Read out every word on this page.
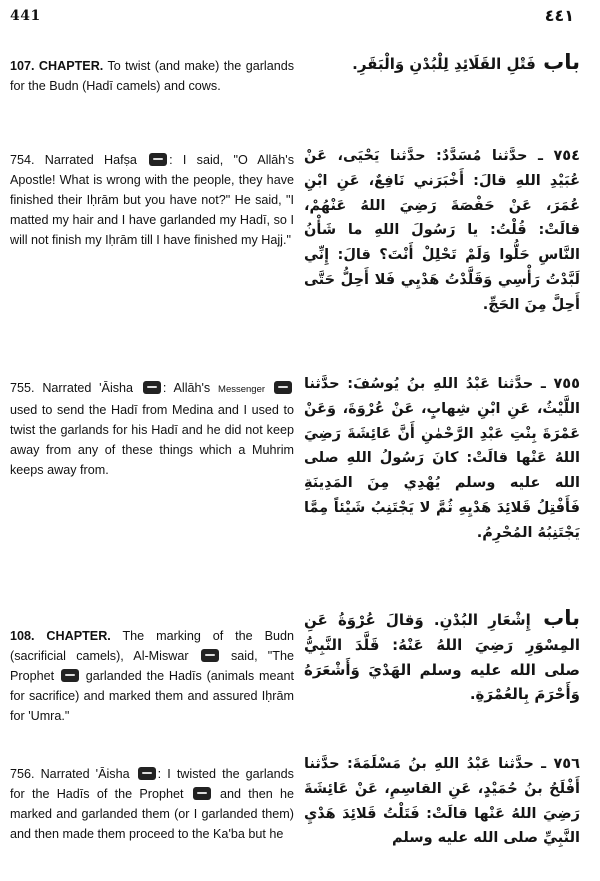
441	٤٤١
107. CHAPTER. To twist (and make) the garlands for the Budn (Hadī camels) and cows.
باب فَتْلِ القَلَائِدِ لِلْبُدْنِ وَالْبَقَرِ.
754. Narrated Hafṣa : I said, "O Allāh's Apostle! What is wrong with the people, they have finished their Iḥrām but you have not?" He said, "I matted my hair and I have garlanded my Hadī, so I will not finish my Iḥrām till I have finished my Hajj."
٧٥٤ ـ حدَّثنا مُسَدَّدٌ: حدَّثنا يَحْيَى، عَنْ عُبَيْدِ اللهِ قالَ: أَخْبَرَني نَافِعٌ، عَنِ ابْنِ عُمَرَ، عَنْ حَفْصَةَ رَضِيَ اللهُ عَنْهُمْ، قالَتْ: قُلْتُ: يا رَسُولَ اللهِ ما شَأْنُ النَّاسِ حَلُّوا وَلَمْ تَحْلِلْ أَنْتَ؟ قالَ: إِنِّي لَبَّدْتُ رَأْسِي وَقَلَّدْتُ هَدْيِي فَلا أَحِلُّ حَتَّى أَحِلَّ مِنَ الحَجِّ.
755. Narrated 'Āisha : Allāh's Messenger  used to send the Hadī from Medina and I used to twist the garlands for his Hadī and he did not keep away from any of these things which a Muhrim keeps away from.
٧٥٥ ـ حدَّثنا عَبْدُ اللهِ بنُ يُوسُفَ: حدَّثنا اللَّيْثُ، عَنِ ابْنِ شِهابٍ، عَنْ عُرْوَةَ، وَعَنْ عَمْرَةَ بِنْتِ عَبْدِ الرَّحْمٰنِ أَنَّ عَائِشَةَ رَضِيَ اللهُ عَنْها قالَتْ: كانَ رَسُولُ اللهِ صلى الله عليه وسلم يُهْدِي مِنَ المَدِينَةِ فَأَفْتِلُ قَلائِدَ هَدْيِهِ ثُمَّ لا يَجْتَنِبُ شَيْئاً مِمَّا يَجْتَنِبُهُ المُحْرِمُ.
108. CHAPTER. The marking of the Budn (sacrificial camels), Al-Miswar  said, "The Prophet  garlanded the Hadīs (animals meant for sacrifice) and marked them and assured Iḥrām for 'Umra."
باب إِشْعَارِ البُدْنِ. وَقالَ عُرْوَةُ عَنِ المِسْوَرِ رَضِيَ اللهُ عَنْهُ: قَلَّدَ النَّبِيُّ صلى الله عليه وسلم الهَدْيَ وَأَشْعَرَهُ وَأَحْرَمَ بِالعُمْرَةِ.
756. Narrated 'Āisha : I twisted the garlands for the Hadīs of the Prophet  and then he marked and garlanded them (or I garlanded them) and then made them proceed to the Ka'ba but he
٧٥٦ ـ حدَّثنا عَبْدُ اللهِ بنُ مَسْلَمَةَ: حدَّثنا أَفْلَحُ بنُ حُمَيْدٍ، عَنِ القاسِمِ، عَنْ عَائِشَةَ رَضِيَ اللهُ عَنْها قالَتْ: فَتَلْتُ قَلائِدَ هَدْيِ النَّبِيِّ صلى الله عليه وسلم
